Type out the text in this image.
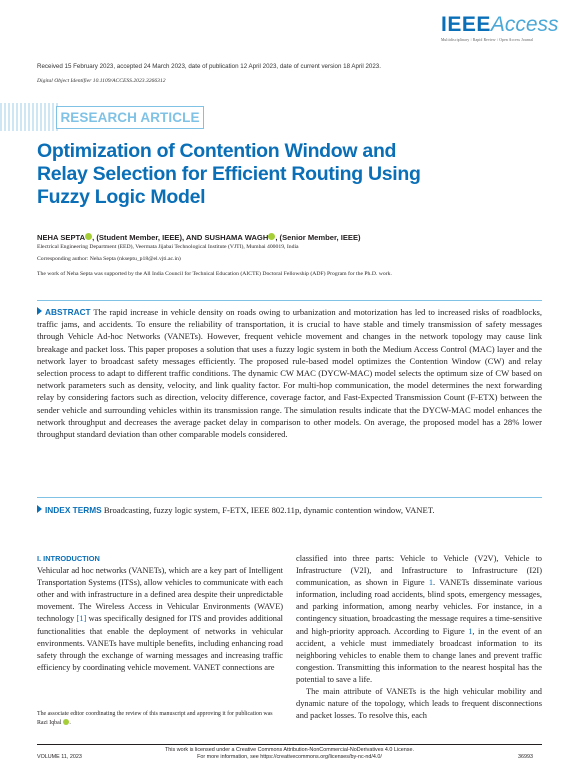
IEEEAccess
Multidisciplinary ⁝ Rapid Review ⁝ Open Access Journal
Received 15 February 2023, accepted 24 March 2023, date of publication 12 April 2023, date of current version 18 April 2023.
Digital Object Identifier 10.1109/ACCESS.2023.3266312
RESEARCH ARTICLE
Optimization of Contention Window and Relay Selection for Efficient Routing Using Fuzzy Logic Model
NEHA SEPTA , (Student Member, IEEE), AND SUSHAMA WAGH , (Senior Member, IEEE)
Electrical Engineering Department (EED), Veermata Jijabai Technological Institute (VJTI), Mumbai 400019, India
Corresponding author: Neha Septa (nkseptu_p18@el.vjti.ac.in)
The work of Neha Septa was supported by the All India Council for Technical Education (AICTE) Doctoral Fellowship (ADF) Program for the Ph.D. work.
ABSTRACT The rapid increase in vehicle density on roads owing to urbanization and motorization has led to increased risks of roadblocks, traffic jams, and accidents. To ensure the reliability of transportation, it is crucial to have stable and timely transmission of safety messages through Vehicle Ad-hoc Networks (VANETs). However, frequent vehicle movement and changes in the network topology may cause link breakage and packet loss. This paper proposes a solution that uses a fuzzy logic system in both the Medium Access Control (MAC) layer and the network layer to broadcast safety messages efficiently. The proposed rule-based model optimizes the Contention Window (CW) and relay selection process to adapt to different traffic conditions. The dynamic CW MAC (DYCW-MAC) model selects the optimum size of CW based on network parameters such as density, velocity, and link quality factor. For multi-hop communication, the model determines the next forwarding relay by considering factors such as direction, velocity difference, coverage factor, and Fast-Expected Transmission Count (F-ETX) between the sender vehicle and surrounding vehicles within its transmission range. The simulation results indicate that the DYCW-MAC model enhances the network throughput and decreases the average packet delay in comparison to other models. On average, the proposed model has a 28% lower throughput standard deviation than other comparable models considered.
INDEX TERMS Broadcasting, fuzzy logic system, F-ETX, IEEE 802.11p, dynamic contention window, VANET.
I. INTRODUCTION

Vehicular ad hoc networks (VANETs), which are a key part of Intelligent Transportation Systems (ITSs), allow vehicles to communicate with each other and with infrastructure in a defined area despite their unpredictable movement. The Wireless Access in Vehicular Environments (WAVE) technology [1] was specifically designed for ITS and provides additional functionalities that enable the deployment of networks in vehicular environments. VANETs have multiple benefits, including enhancing road safety through the exchange of warning messages and increasing traffic efficiency by coordinating vehicle movement. VANET connections are

The associate editor coordinating the review of this manuscript and approving it for publication was Razi Iqbal .

classified into three parts: Vehicle to Vehicle (V2V), Vehicle to Infrastructure (V2I), and Infrastructure to Infrastructure (I2I) communication, as shown in Figure 1. VANETs disseminate various information, including road accidents, blind spots, emergency messages, and parking information, among nearby vehicles. For instance, in a contingency situation, broadcasting the message requires a time-sensitive and high-priority approach. According to Figure 1, in the event of an accident, a vehicle must immediately broadcast information to its neighboring vehicles to enable them to change lanes and prevent traffic congestion. Transmitting this information to the nearest hospital has the potential to save a life.

The main attribute of VANETs is the high vehicular mobility and dynamic nature of the topology, which leads to frequent disconnections and packet losses. To resolve this, each

This work is licensed under a Creative Commons Attribution-NonCommercial-NoDerivatives 4.0 License.
For more information, see https://creativecommons.org/licenses/by-nc-nd/4.0/
VOLUME 11, 2023	36993
